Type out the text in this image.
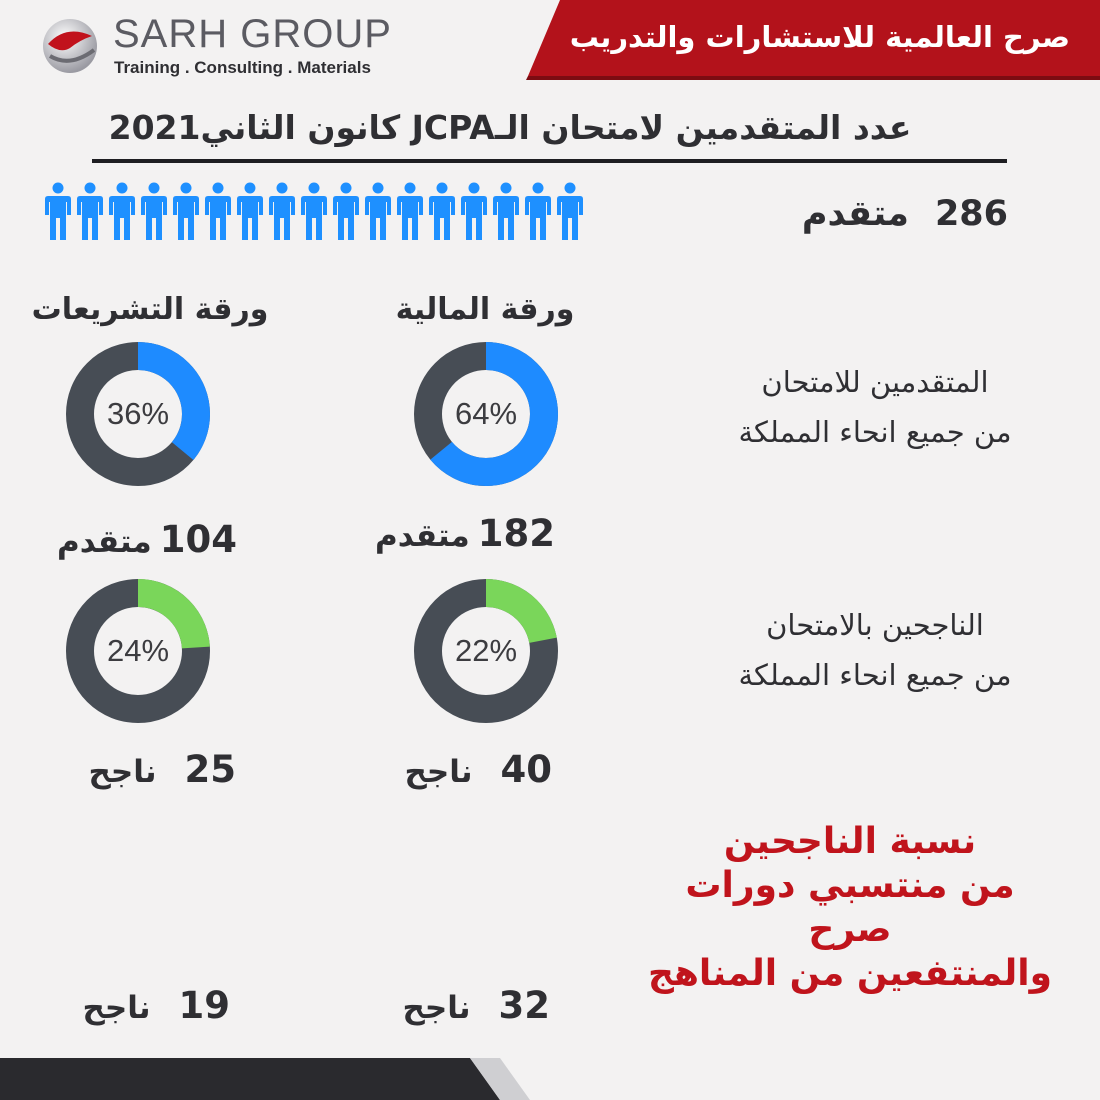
صرح العالمية للاستشارات والتدريب
SARH GROUP
Training . Consulting . Materials
عدد المتقدمين لامتحان الـJCPA كانون الثاني2021
286متقدم
ورقة المالية
ورقة التشريعات
المتقدمين للامتحان
من جميع انحاء المملكة
الناجحين بالامتحان
من جميع انحاء المملكة
64%
36%
22%
24%
182متقدم
104متقدم
40ناجح
25ناجح
نسبة الناجحين
من منتسبي دورات صرح
والمنتفعين من المناهج
32ناجح
19ناجح
